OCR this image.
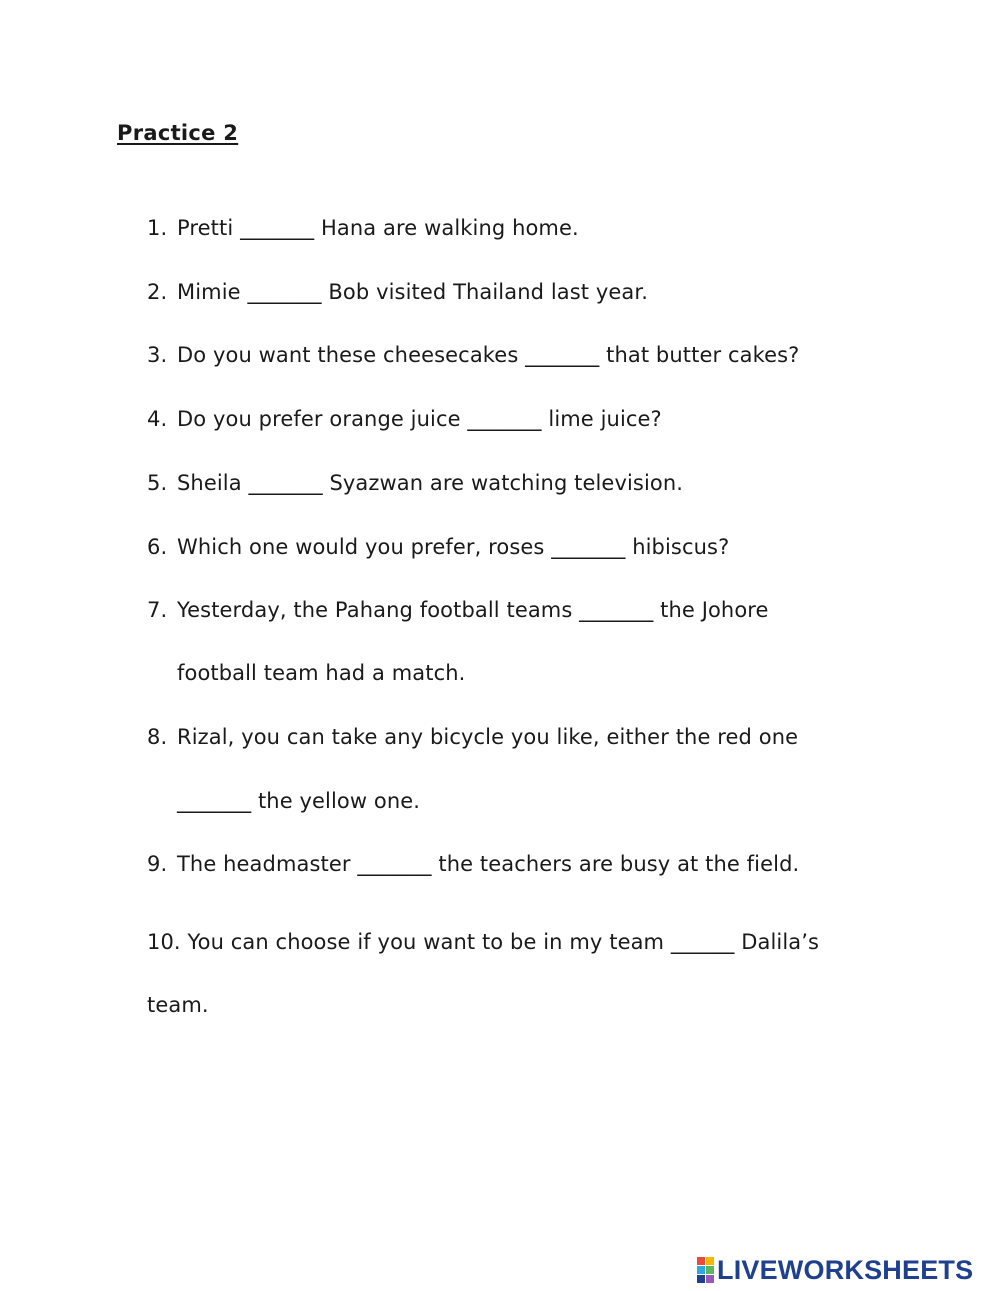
Practice 2
1. Pretti _______ Hana are walking home.
2. Mimie _______ Bob visited Thailand last year.
3. Do you want these cheesecakes _______ that butter cakes?
4. Do you prefer orange juice _______ lime juice?
5. Sheila _______ Syazwan are watching television.
6. Which one would you prefer, roses _______ hibiscus?
7. Yesterday, the Pahang football teams _______ the Johore
football team had a match.
8. Rizal, you can take any bicycle you like, either the red one
_______ the yellow one.
9. The headmaster _______ the teachers are busy at the field.
10. You can choose if you want to be in my team ______ Dalila’s
team.
LIVEWORKSHEETS
